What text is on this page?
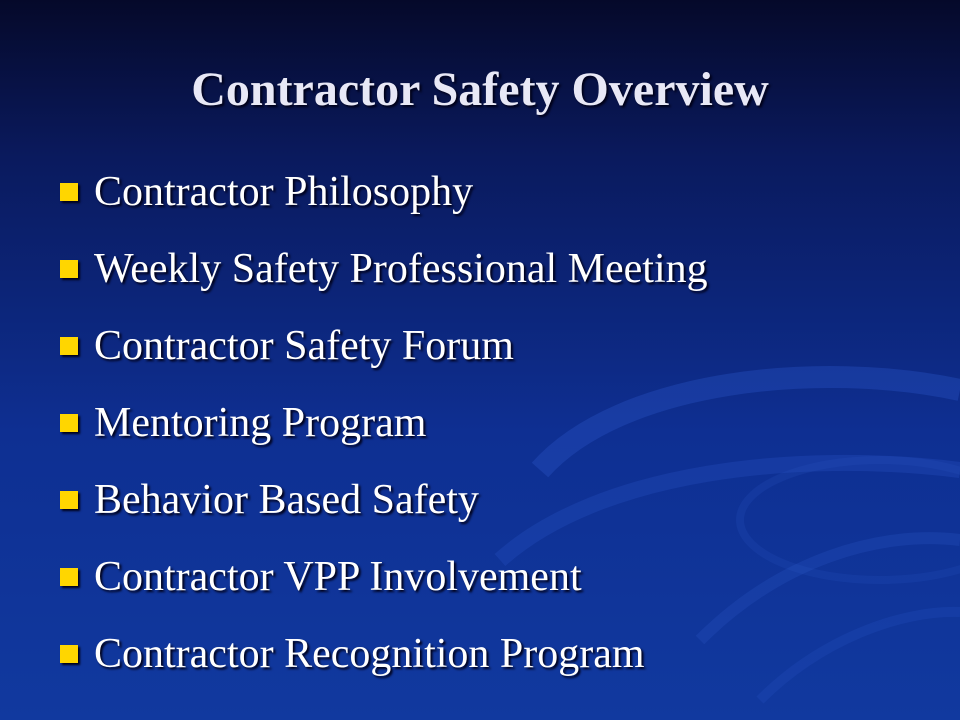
Contractor Safety Overview
Contractor Philosophy
Weekly Safety Professional Meeting
Contractor Safety Forum
Mentoring Program
Behavior Based Safety
Contractor VPP Involvement
Contractor Recognition Program
